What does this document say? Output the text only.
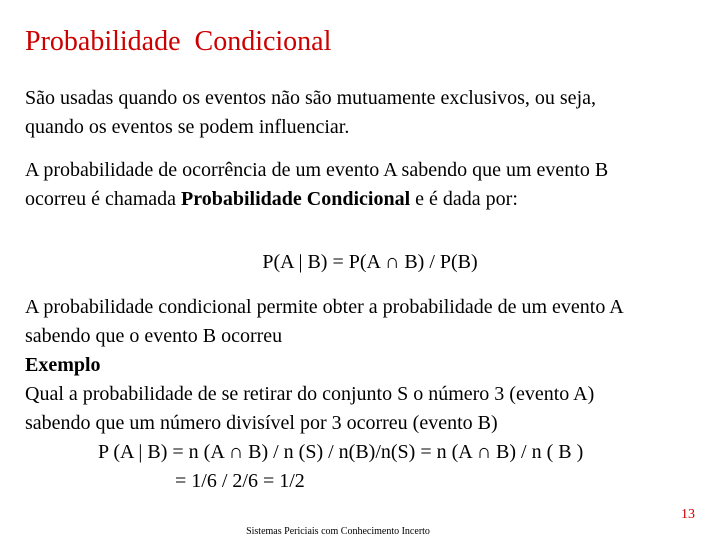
Probabilidade  Condicional
São usadas quando os eventos não são mutuamente exclusivos, ou seja,
quando os eventos se podem influenciar.
A probabilidade de ocorrência de um evento A sabendo que um evento B
ocorreu é chamada Probabilidade Condicional e é dada por:
P(A | B) = P(A ∩ B) / P(B)
A probabilidade condicional permite obter a probabilidade de um evento A
sabendo que o evento B ocorreu
Exemplo
Qual a probabilidade de se retirar do conjunto S o número 3 (evento A)
sabendo que um número divisível por 3 ocorreu (evento B)
P (A | B) = n (A ∩ B) / n (S) / n(B)/n(S) = n (A ∩ B) / n ( B )
= 1/6 / 2/6 = 1/2
13
Sistemas Periciais com Conhecimento Incerto
